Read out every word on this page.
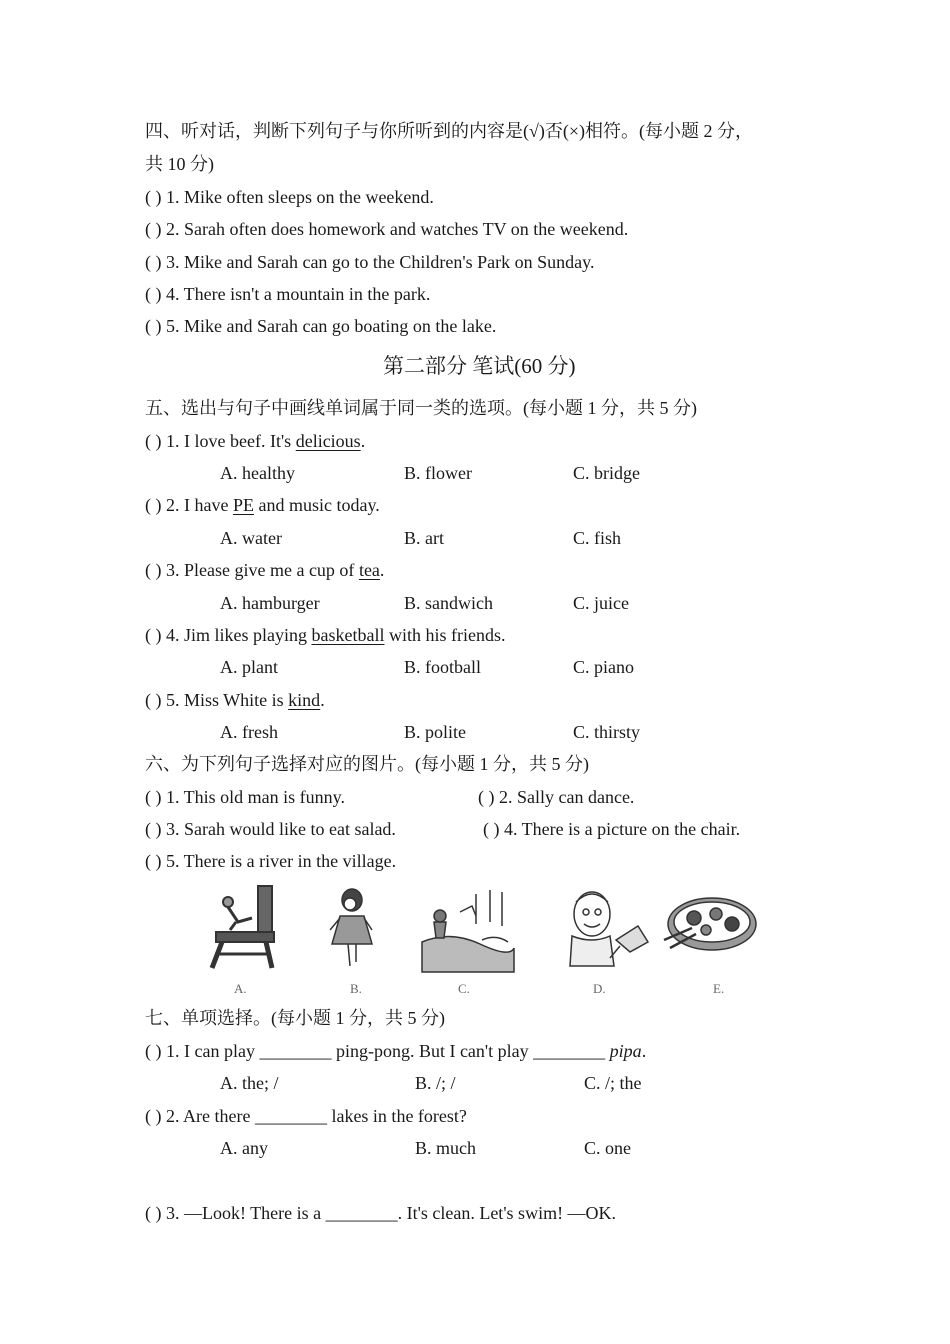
四、听对话，判断下列句子与你所听到的内容是(√)否(×)相符。(每小题 2 分，
共 10 分)
( ) 1. Mike often sleeps on the weekend.
( ) 2. Sarah often does homework and watches TV on the weekend.
( ) 3. Mike and Sarah can go to the Children's Park on Sunday.
( ) 4. There isn't a mountain in the park.
( ) 5. Mike and Sarah can go boating on the lake.
第二部分 笔试(60 分)
五、选出与句子中画线单词属于同一类的选项。(每小题 1 分，共 5 分)
( ) 1. I love beef. It's delicious.
A. healthy	B. flower	C. bridge
( ) 2. I have PE and music today.
A. water	B. art	C. fish
( ) 3. Please give me a cup of tea.
A. hamburger	B. sandwich	C. juice
( ) 4. Jim likes playing basketball with his friends.
A. plant	B. football	C. piano
( ) 5. Miss White is kind.
A. fresh	B. polite	C. thirsty
六、为下列句子选择对应的图片。(每小题 1 分，共 5 分)
( ) 1. This old man is funny.	( ) 2. Sally can dance.
( ) 3. Sarah would like to eat salad.	( ) 4. There is a picture on the chair.
( ) 5. There is a river in the village.
A.	B.	C.	D.	E.
七、单项选择。(每小题 1 分，共 5 分)
( ) 1. I can play ________ ping-pong. But I can't play ________ pipa.
A. the; /	B. /; /	C. /; the
( ) 2. Are there ________ lakes in the forest?
A. any	B. much	C. one
( ) 3. —Look! There is a ________. It's clean. Let's swim! —OK.
